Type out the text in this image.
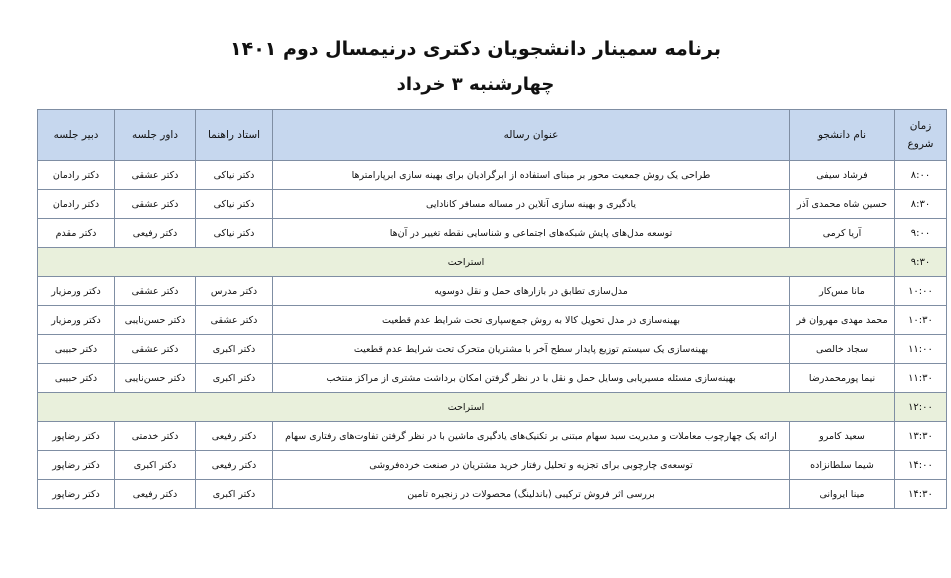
برنامه سمینار دانشجویان دکتری درنیمسال دوم ۱۴۰۱
چهارشنبه ۳ خرداد
زمان
شروع	نام دانشجو	عنوان رساله	استاد راهنما	داور جلسه	دبیر جلسه
۸:۰۰	فرشاد سیفی	طراحی یک روش جمعیت محور بر مبنای استفاده از ابرگرادیان برای بهینه سازی ابرپارامترها	دکتر نیاکی	دکتر عشقی	دکتر رادمان
۸:۳۰	حسین شاه محمدی آذر	یادگیری و بهینه سازی آنلاین در مساله مسافر کانادایی	دکتر نیاکی	دکتر عشقی	دکتر رادمان
۹:۰۰	آریا کرمی	توسعه مدل‌های پایش شبکه‌های اجتماعی و شناسایی نقطه تغییر در آن‌ها	دکتر نیاکی	دکتر رفیعی	دکتر مقدم
۹:۳۰	استراحت				
۱۰:۰۰	مانا مس‌کار	مدل‌سازی تطابق در بازارهای حمل و نقل دوسویه	دکتر مدرس	دکتر عشقی	دکتر ورمزیار
۱۰:۳۰	محمد مهدی مهروان فر	بهینه‌سازی در مدل تحویل کالا به روش جمع‌سپاری تحت شرایط عدم قطعیت	دکتر عشقی	دکتر حسن‌نایبی	دکتر ورمزیار
۱۱:۰۰	سجاد خالصی	بهینه‌سازی یک سیستم توزیع پایدار سطح آخر با مشتریان متحرک تحت شرایط عدم قطعیت	دکتر اکبری	دکتر عشقی	دکتر حبیبی
۱۱:۳۰	نیما پورمحمدرضا	بهینه‌سازی مسئله مسیریابی وسایل حمل و نقل با در نظر گرفتن امکان برداشت مشتری از مراکز منتخب	دکتر اکبری	دکتر حسن‌نایبی	دکتر حبیبی
۱۲:۰۰	استراحت				
۱۳:۳۰	سعید کامرو	ارائه یک چهارچوب معاملات و مدیریت سبد سهام مبتنی بر تکنیک‌های یادگیری ماشین با در نظر گرفتن تفاوت‌های رفتاری سهام	دکتر رفیعی	دکتر خدمتی	دکتر رضاپور
۱۴:۰۰	شیما سلطانزاده	توسعه‌ی چارچوبی برای تجزیه و تحلیل رفتار خرید مشتریان در صنعت خرده‌فروشی	دکتر رفیعی	دکتر اکبری	دکتر رضاپور
۱۴:۳۰	مینا ایروانی	بررسی اثر فروش ترکیبی (باندلینگ) محصولات در زنجیره تامین	دکتر اکبری	دکتر رفیعی	دکتر رضاپور
